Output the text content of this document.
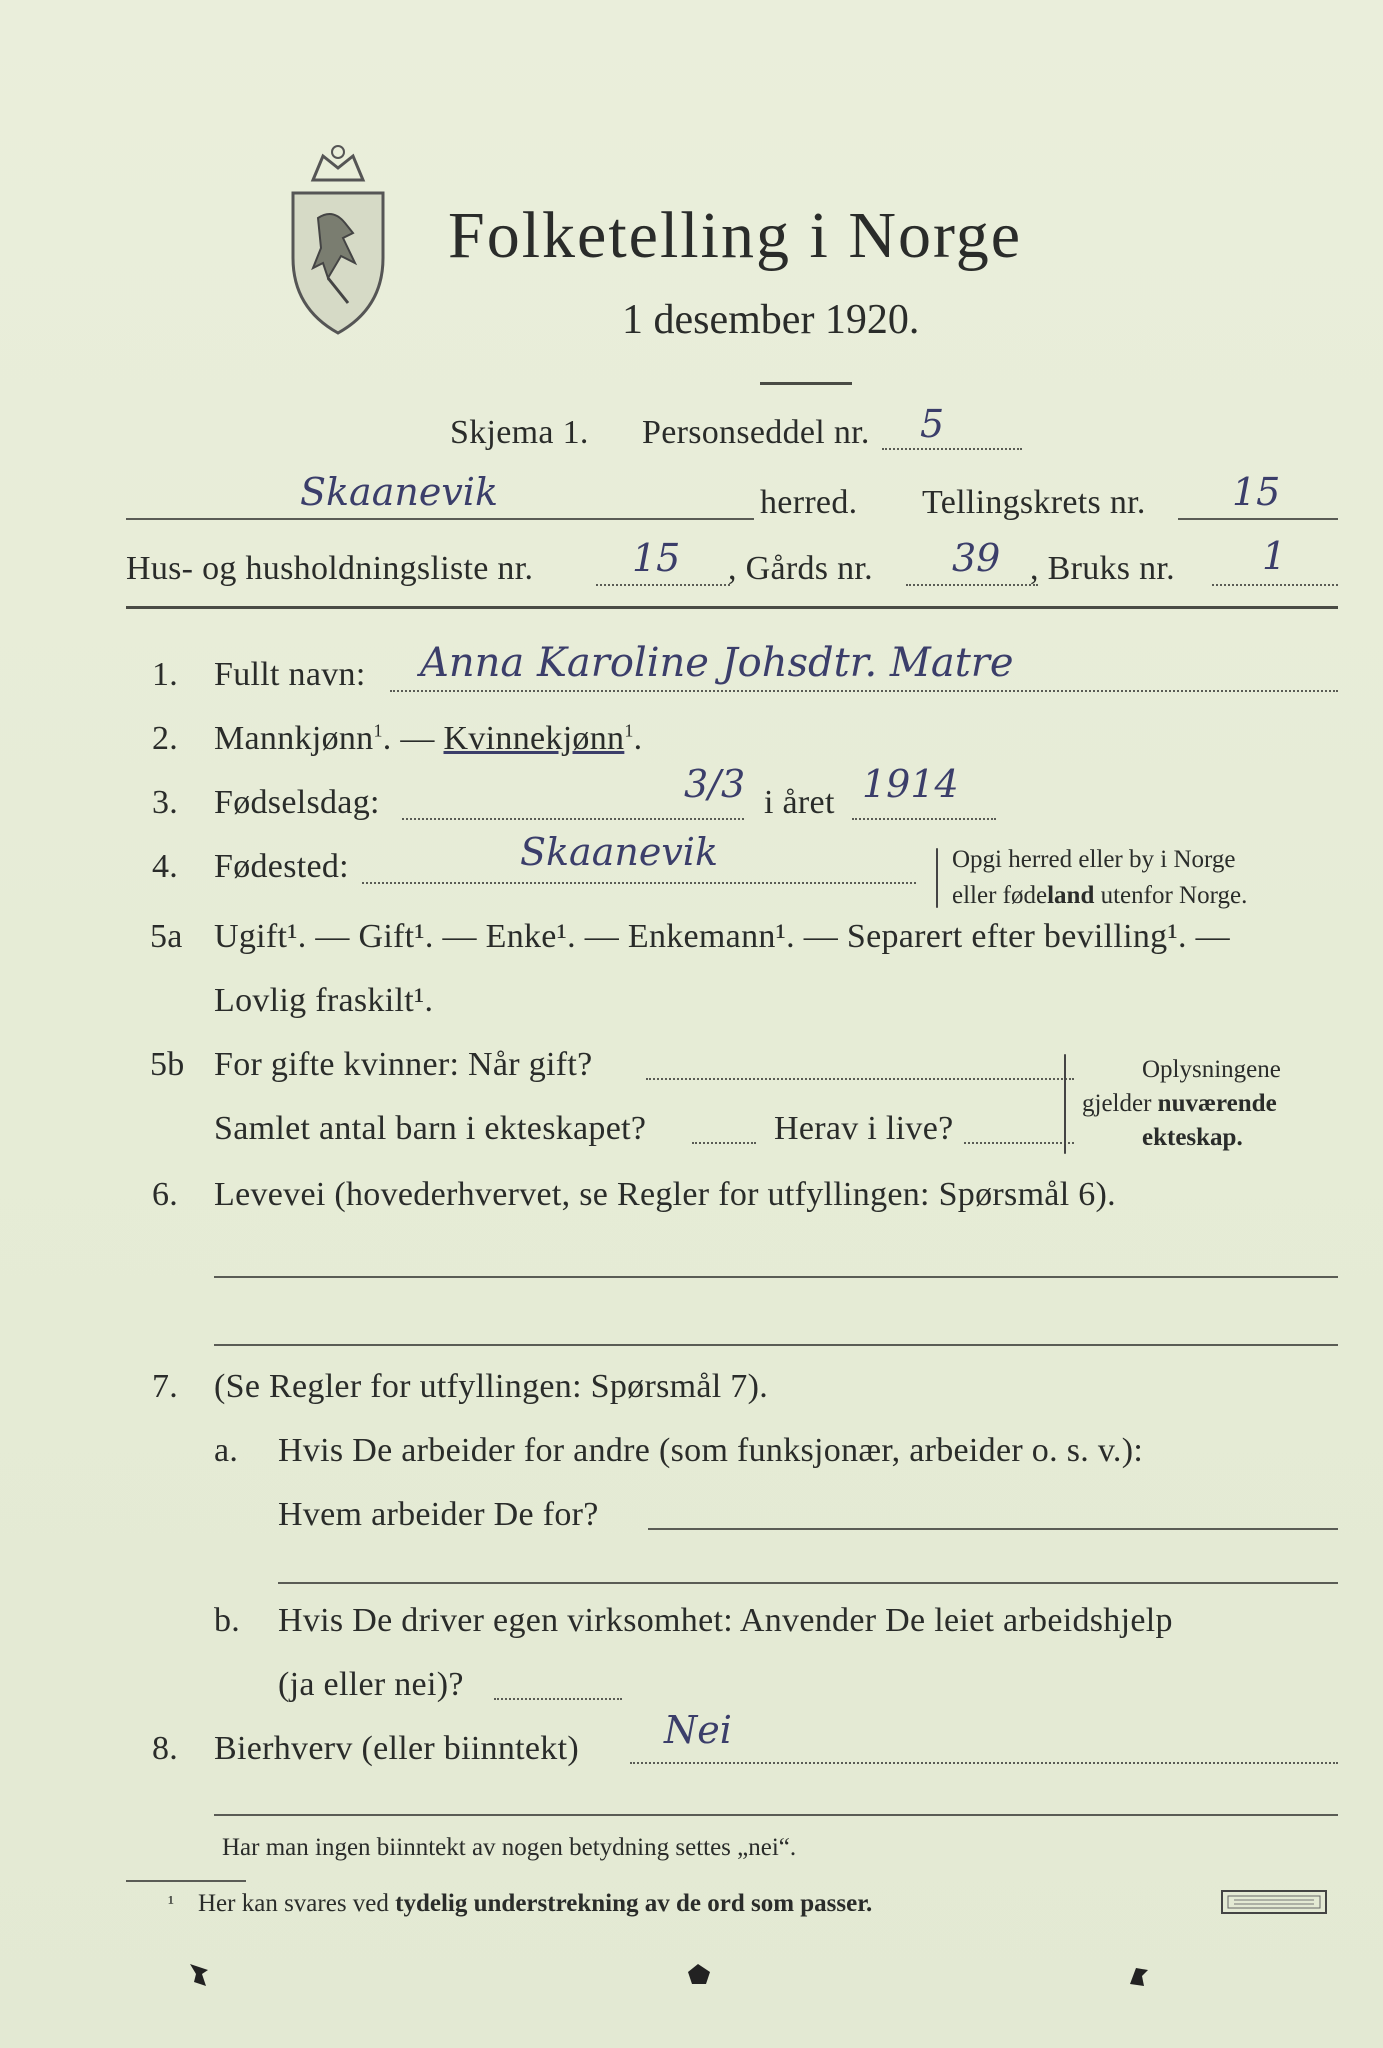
Folketelling i Norge
1 desember 1920.
Skjema 1. Personseddel nr. 5
Skaanevik	herred. Tellingskrets nr. 15
Hus- og husholdningsliste nr.	15 , Gårds nr. 39 , Bruks nr. 1
1. Fullt navn: Anna Karoline Johsdtr. Matre
2. Mannkjønn$^1$. — Kvinnekjønn$^1$.
3. Fødselsdag:	3/3 i året 1914
4. Fødested:	Skaanevik	Opgi herred eller by i Norge
eller fødeland utenfor Norge.
5a Ugift¹. — Gift¹. — Enke¹. — Enkemann¹. — Separert efter bevilling¹. —
Lovlig fraskilt¹.
5b For gifte kvinner: Når gift?
Samlet antal barn i ekteskapet?	Herav i live?
Oplysningene
gjelder nuværende
ekteskap.
6. Levevei (hovederhvervet, se Regler for utfyllingen: Spørsmål 6).
7. (Se Regler for utfyllingen: Spørsmål 7).
a. Hvis De arbeider for andre (som funksjonær, arbeider o. s. v.):
Hvem arbeider De for?
b. Hvis De driver egen virksomhet: Anvender De leiet arbeidshjelp
(ja eller nei)?
8. Bierhverv (eller biinntekt) Nei
Har man ingen biinntekt av nogen betydning settes „nei“.
¹ Her kan svares ved tydelig understrekning av de ord som passer.
